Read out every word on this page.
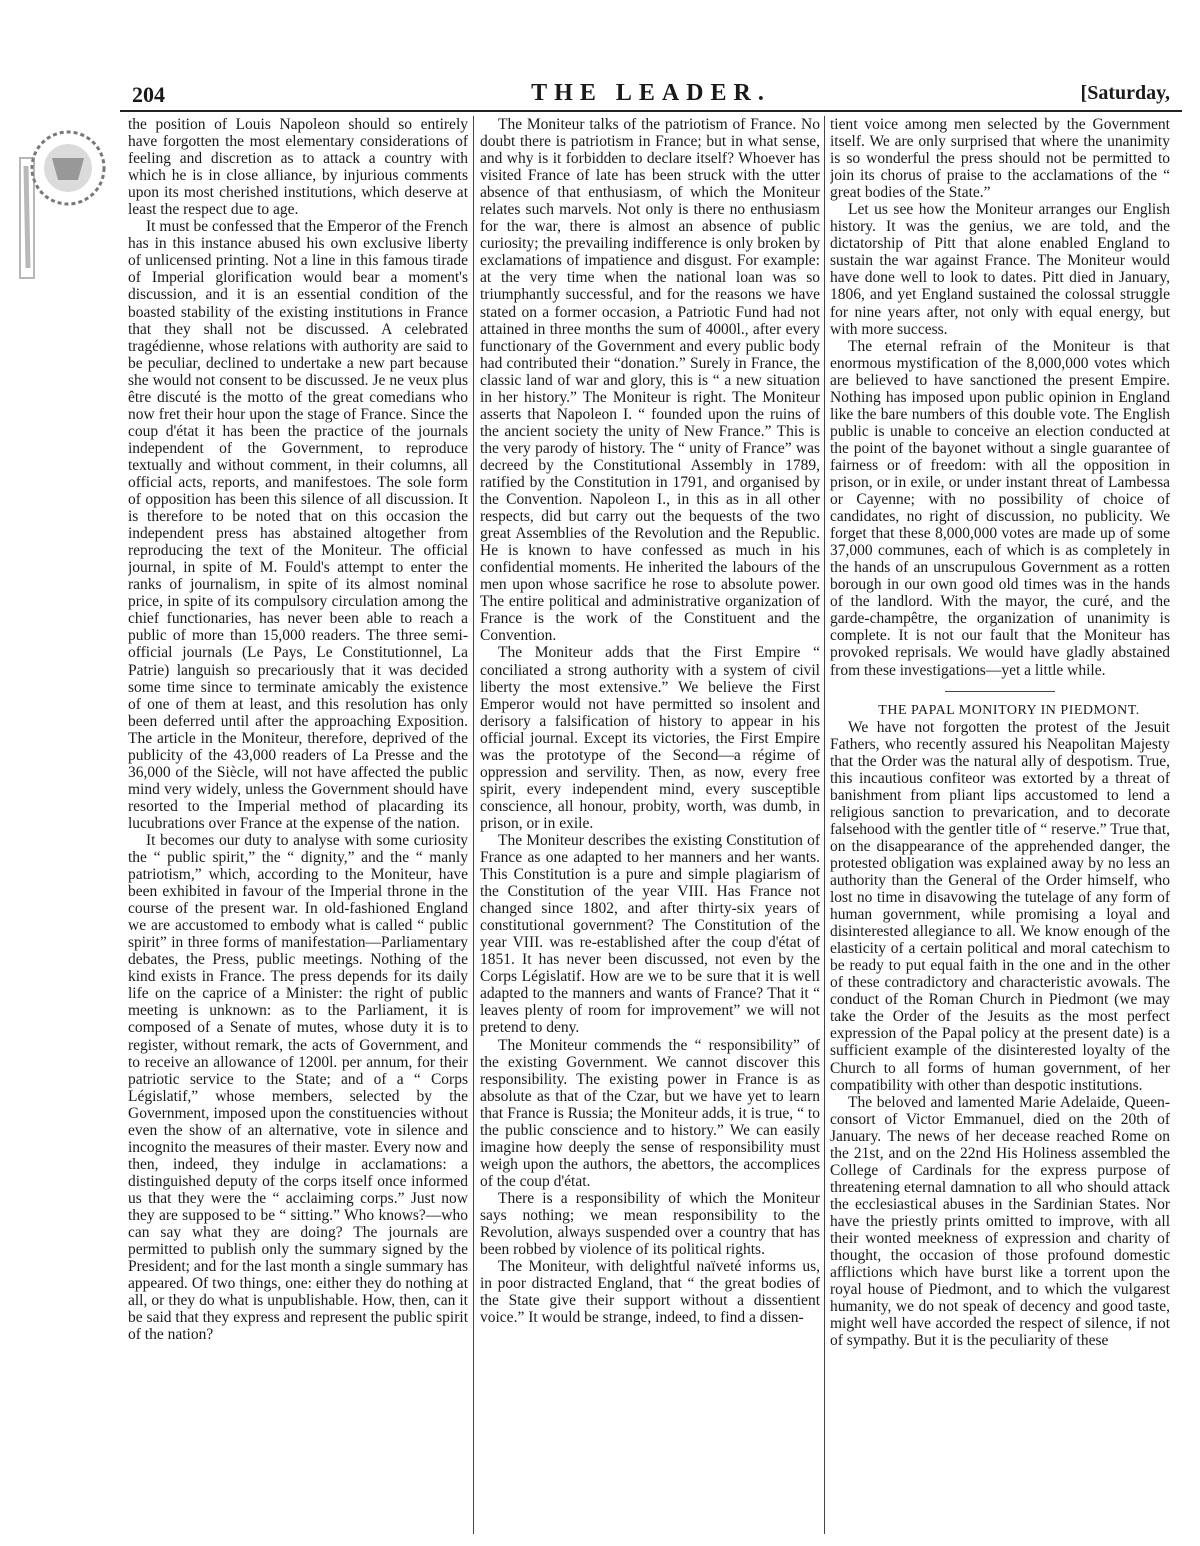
204	THE LEADER.	[Saturday,

the position of Louis Napoleon should so entirely have forgotten the most elementary considerations of feeling and discretion as to attack a country with which he is in close alliance, by injurious comments upon its most cherished institutions, which deserve at least the respect due to age.

It must be confessed that the Emperor of the French has in this instance abused his own exclusive liberty of unlicensed printing. Not a line in this famous tirade of Imperial glorification would bear a moment's discussion, and it is an essential condition of the boasted stability of the existing institutions in France that they shall not be discussed. A celebrated tragédienne, whose relations with authority are said to be peculiar, declined to undertake a new part because she would not consent to be discussed. Je ne veux plus être discuté is the motto of the great comedians who now fret their hour upon the stage of France. Since the coup d'état it has been the practice of the journals independent of the Government, to reproduce textually and without comment, in their columns, all official acts, reports, and manifestoes. The sole form of opposition has been this silence of all discussion. It is therefore to be noted that on this occasion the independent press has abstained altogether from reproducing the text of the Moniteur. The official journal, in spite of M. Fould's attempt to enter the ranks of journalism, in spite of its almost nominal price, in spite of its compulsory circulation among the chief functionaries, has never been able to reach a public of more than 15,000 readers. The three semi-official journals (Le Pays, Le Constitutionnel, La Patrie) languish so precariously that it was decided some time since to terminate amicably the existence of one of them at least, and this resolution has only been deferred until after the approaching Exposition. The article in the Moniteur, therefore, deprived of the publicity of the 43,000 readers of La Presse and the 36,000 of the Siècle, will not have affected the public mind very widely, unless the Government should have resorted to the Imperial method of placarding its lucubrations over France at the expense of the nation.

It becomes our duty to analyse with some curiosity the “ public spirit,” the “ dignity,” and the “ manly patriotism,” which, according to the Moniteur, have been exhibited in favour of the Imperial throne in the course of the present war. In old-fashioned England we are accustomed to embody what is called “ public spirit” in three forms of manifestation—Parliamentary debates, the Press, public meetings. Nothing of the kind exists in France. The press depends for its daily life on the caprice of a Minister: the right of public meeting is unknown: as to the Parliament, it is composed of a Senate of mutes, whose duty it is to register, without remark, the acts of Government, and to receive an allowance of 1200l. per annum, for their patriotic service to the State; and of a “ Corps Législatif,” whose members, selected by the Government, imposed upon the constituencies without even the show of an alternative, vote in silence and incognito the measures of their master. Every now and then, indeed, they indulge in acclamations: a distinguished deputy of the corps itself once informed us that they were the “ acclaiming corps.” Just now they are supposed to be “ sitting.” Who knows?—who can say what they are doing? The journals are permitted to publish only the summary signed by the President; and for the last month a single summary has appeared. Of two things, one: either they do nothing at all, or they do what is unpublishable. How, then, can it be said that they express and represent the public spirit of the nation?

The Moniteur talks of the patriotism of France. No doubt there is patriotism in France; but in what sense, and why is it forbidden to declare itself? Whoever has visited France of late has been struck with the utter absence of that enthusiasm, of which the Moniteur relates such marvels. Not only is there no enthusiasm for the war, there is almost an absence of public curiosity; the prevailing indifference is only broken by exclamations of impatience and disgust. For example: at the very time when the national loan was so triumphantly successful, and for the reasons we have stated on a former occasion, a Patriotic Fund had not attained in three months the sum of 4000l., after every functionary of the Government and every public body had contributed their “donation.” Surely in France, the classic land of war and glory, this is “ a new situation in her history.” The Moniteur is right. The Moniteur asserts that Napoleon I. “ founded upon the ruins of the ancient society the unity of New France.” This is the very parody of history. The “ unity of France” was decreed by the Constitutional Assembly in 1789, ratified by the Constitution in 1791, and organised by the Convention. Napoleon I., in this as in all other respects, did but carry out the bequests of the two great Assemblies of the Revolution and the Republic. He is known to have confessed as much in his confidential moments. He inherited the labours of the men upon whose sacrifice he rose to absolute power. The entire political and administrative organization of France is the work of the Constituent and the Convention.

The Moniteur adds that the First Empire “ conciliated a strong authority with a system of civil liberty the most extensive.” We believe the First Emperor would not have permitted so insolent and derisory a falsification of history to appear in his official journal. Except its victories, the First Empire was the prototype of the Second—a régime of oppression and servility. Then, as now, every free spirit, every independent mind, every susceptible conscience, all honour, probity, worth, was dumb, in prison, or in exile.

The Moniteur describes the existing Constitution of France as one adapted to her manners and her wants. This Constitution is a pure and simple plagiarism of the Constitution of the year VIII. Has France not changed since 1802, and after thirty-six years of constitutional government? The Constitution of the year VIII. was re-established after the coup d'état of 1851. It has never been discussed, not even by the Corps Législatif. How are we to be sure that it is well adapted to the manners and wants of France? That it “ leaves plenty of room for improvement” we will not pretend to deny.

The Moniteur commends the “ responsibility” of the existing Government. We cannot discover this responsibility. The existing power in France is as absolute as that of the Czar, but we have yet to learn that France is Russia; the Moniteur adds, it is true, “ to the public conscience and to history.” We can easily imagine how deeply the sense of responsibility must weigh upon the authors, the abettors, the accomplices of the coup d'état.

There is a responsibility of which the Moniteur says nothing; we mean responsibility to the Revolution, always suspended over a country that has been robbed by violence of its political rights.

The Moniteur, with delightful naïveté informs us, in poor distracted England, that “ the great bodies of the State give their support without a dissentient voice.” It would be strange, indeed, to find a dissen-

tient voice among men selected by the Government itself. We are only surprised that where the unanimity is so wonderful the press should not be permitted to join its chorus of praise to the acclamations of the “ great bodies of the State.”

Let us see how the Moniteur arranges our English history. It was the genius, we are told, and the dictatorship of Pitt that alone enabled England to sustain the war against France. The Moniteur would have done well to look to dates. Pitt died in January, 1806, and yet England sustained the colossal struggle for nine years after, not only with equal energy, but with more success.

The eternal refrain of the Moniteur is that enormous mystification of the 8,000,000 votes which are believed to have sanctioned the present Empire. Nothing has imposed upon public opinion in England like the bare numbers of this double vote. The English public is unable to conceive an election conducted at the point of the bayonet without a single guarantee of fairness or of freedom: with all the opposition in prison, or in exile, or under instant threat of Lambessa or Cayenne; with no possibility of choice of candidates, no right of discussion, no publicity. We forget that these 8,000,000 votes are made up of some 37,000 communes, each of which is as completely in the hands of an unscrupulous Government as a rotten borough in our own good old times was in the hands of the landlord. With the mayor, the curé, and the garde-champêtre, the organization of unanimity is complete. It is not our fault that the Moniteur has provoked reprisals. We would have gladly abstained from these investigations—yet a little while.

THE PAPAL MONITORY IN PIEDMONT.

We have not forgotten the protest of the Jesuit Fathers, who recently assured his Neapolitan Majesty that the Order was the natural ally of despotism. True, this incautious confiteor was extorted by a threat of banishment from pliant lips accustomed to lend a religious sanction to prevarication, and to decorate falsehood with the gentler title of “ reserve.” True that, on the disappearance of the apprehended danger, the protested obligation was explained away by no less an authority than the General of the Order himself, who lost no time in disavowing the tutelage of any form of human government, while promising a loyal and disinterested allegiance to all. We know enough of the elasticity of a certain political and moral catechism to be ready to put equal faith in the one and in the other of these contradictory and characteristic avowals. The conduct of the Roman Church in Piedmont (we may take the Order of the Jesuits as the most perfect expression of the Papal policy at the present date) is a sufficient example of the disinterested loyalty of the Church to all forms of human government, of her compatibility with other than despotic institutions.

The beloved and lamented Marie Adelaide, Queen-consort of Victor Emmanuel, died on the 20th of January. The news of her decease reached Rome on the 21st, and on the 22nd His Holiness assembled the College of Cardinals for the express purpose of threatening eternal damnation to all who should attack the ecclesiastical abuses in the Sardinian States. Nor have the priestly prints omitted to improve, with all their wonted meekness of expression and charity of thought, the occasion of those profound domestic afflictions which have burst like a torrent upon the royal house of Piedmont, and to which the vulgarest humanity, we do not speak of decency and good taste, might well have accorded the respect of silence, if not of sympathy. But it is the peculiarity of these
